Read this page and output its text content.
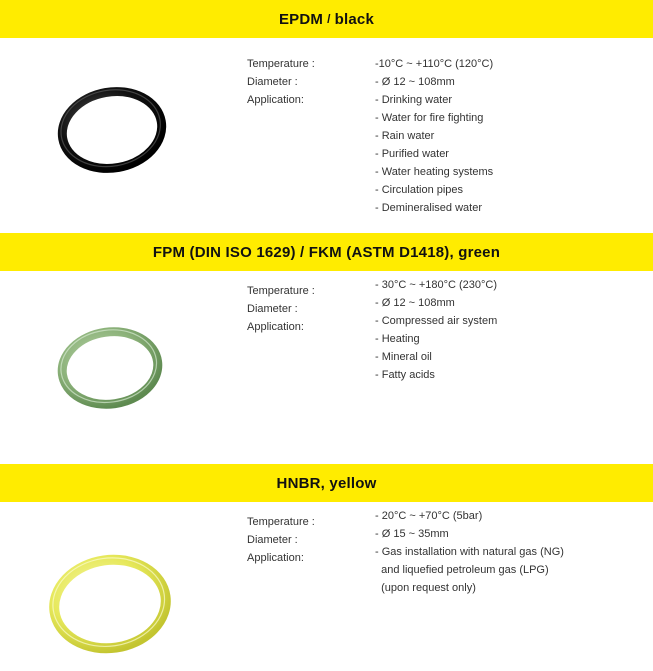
EPDM / black
Temperature :
Diameter :
Application:
-10°C ~ +110°C (120°C)
- Ø 12 ~ 108mm
- Drinking water
- Water for fire fighting
- Rain water
- Purified water
- Water heating systems
- Circulation pipes
- Demineralised water
FPM (DIN ISO 1629) / FKM (ASTM D1418), green
Temperature :
Diameter :
Application:
- 30°C ~ +180°C (230°C)
- Ø 12 ~ 108mm
- Compressed air system
- Heating
- Mineral oil
- Fatty acids
HNBR, yellow
Temperature :
Diameter :
Application:
- 20°C ~ +70°C (5bar)
- Ø 15 ~ 35mm
- Gas installation with natural gas (NG)
and liquefied petroleum gas (LPG)
(upon request only)
